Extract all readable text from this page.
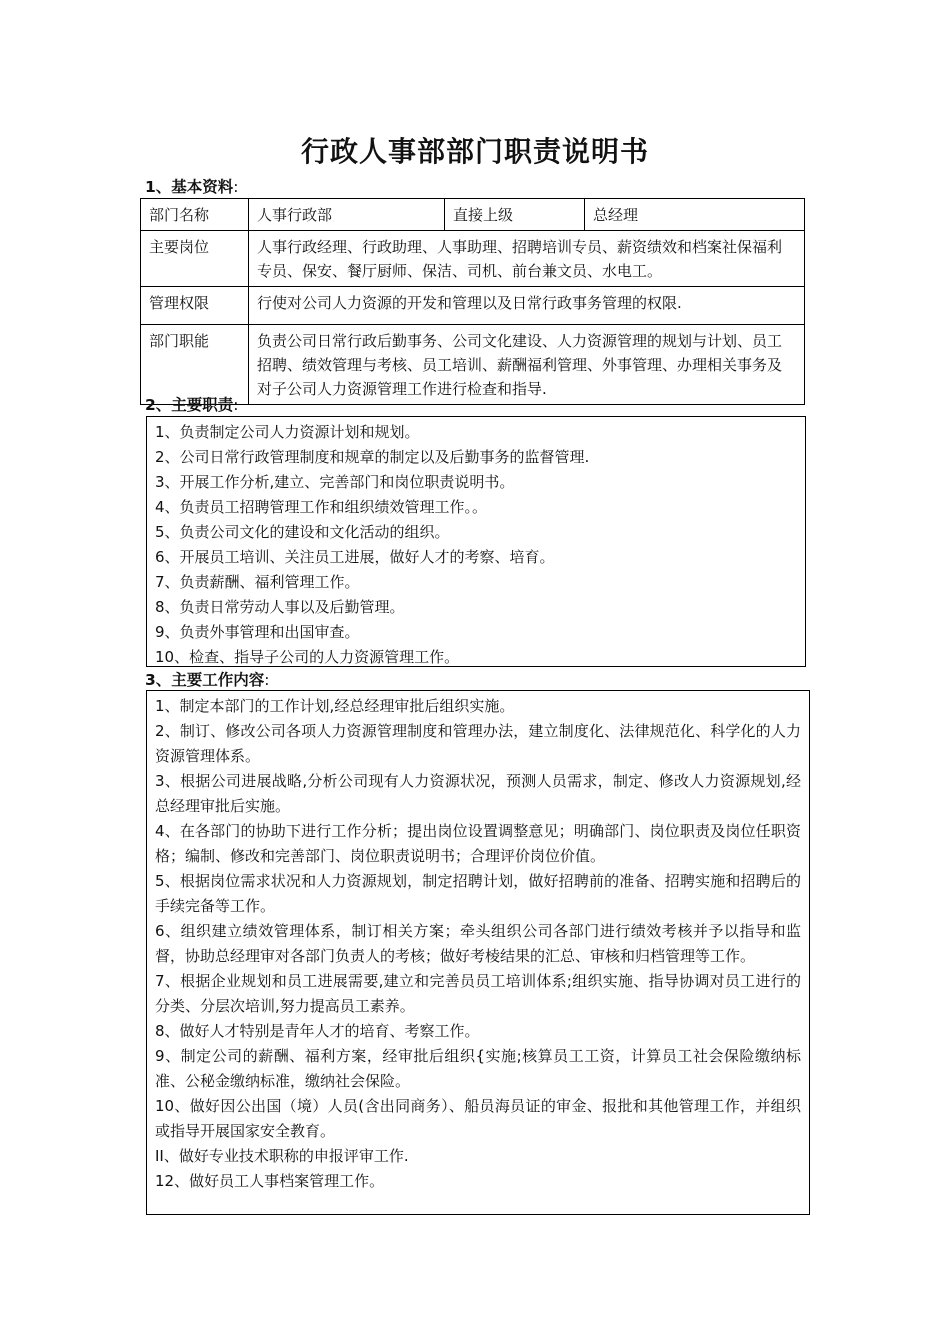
行政人事部部门职责说明书
1、基本资料:
部门名称	人事行政部	直接上级	总经理
主要岗位	人事行政经理、行政助理、人事助理、招聘培训专员、薪资绩效和档案社保福利专员、保安、餐厅厨师、保洁、司机、前台兼文员、水电工。		
管理权限	行使对公司人力资源的开发和管理以及日常行政事务管理的权限.		
部门职能	负责公司日常行政后勤事务、公司文化建设、人力资源管理的规划与计划、员工招聘、绩效管理与考核、员工培训、薪酬福利管理、外事管理、办理相关事务及对子公司人力资源管理工作进行检查和指导.		
2、主要职责:
1、负责制定公司人力资源计划和规划。
2、公司日常行政管理制度和规章的制定以及后勤事务的监督管理.
3、开展工作分析,建立、完善部门和岗位职责说明书。
4、负责员工招聘管理工作和组织绩效管理工作。。
5、负责公司文化的建设和文化活动的组织。
6、开展员工培训、关注员工进展，做好人才的考察、培育。
7、负责薪酬、福利管理工作。
8、负责日常劳动人事以及后勤管理。
9、负责外事管理和出国审查。
10、检查、指导子公司的人力资源管理工作。
3、主要工作内容:
1、制定本部门的工作计划,经总经理审批后组织实施。
2、制订、修改公司各项人力资源管理制度和管理办法，建立制度化、法律规范化、科学化的人力资源管理体系。
3、根据公司进展战略,分析公司现有人力资源状况，预测人员需求，制定、修改人力资源规划,经总经理审批后实施。
4、在各部门的协助下进行工作分析；提出岗位设置调整意见；明确部门、岗位职责及岗位任职资格；编制、修改和完善部门、岗位职责说明书；合理评价岗位价值。
5、根据岗位需求状况和人力资源规划，制定招聘计划，做好招聘前的准备、招聘实施和招聘后的手续完备等工作。
6、组织建立绩效管理体系，制订相关方案；牵头组织公司各部门进行绩效考核并予以指导和监督，协助总经理审对各部门负责人的考核；做好考棱结果的汇总、审核和归档管理等工作。
7、根据企业规划和员工进展需要,建立和完善员员工培训体系;组织实施、指导协调对员工进行的分类、分层次培训,努力提高员工素养。
8、做好人才特别是青年人才的培育、考察工作。
9、制定公司的薪酬、福利方案，经审批后组织{实施;核算员工工资，计算员工社会保险缴纳标准、公秘金缴纳标准，缴纳社会保险。
10、做好因公出国（境）人员(含出同商务）、船员海员证的审金、报批和其他管理工作，并组织或指导开展国家安全教育。
II、做好专业技术职称的申报评审工作.
12、做好员工人事档案管理工作。
